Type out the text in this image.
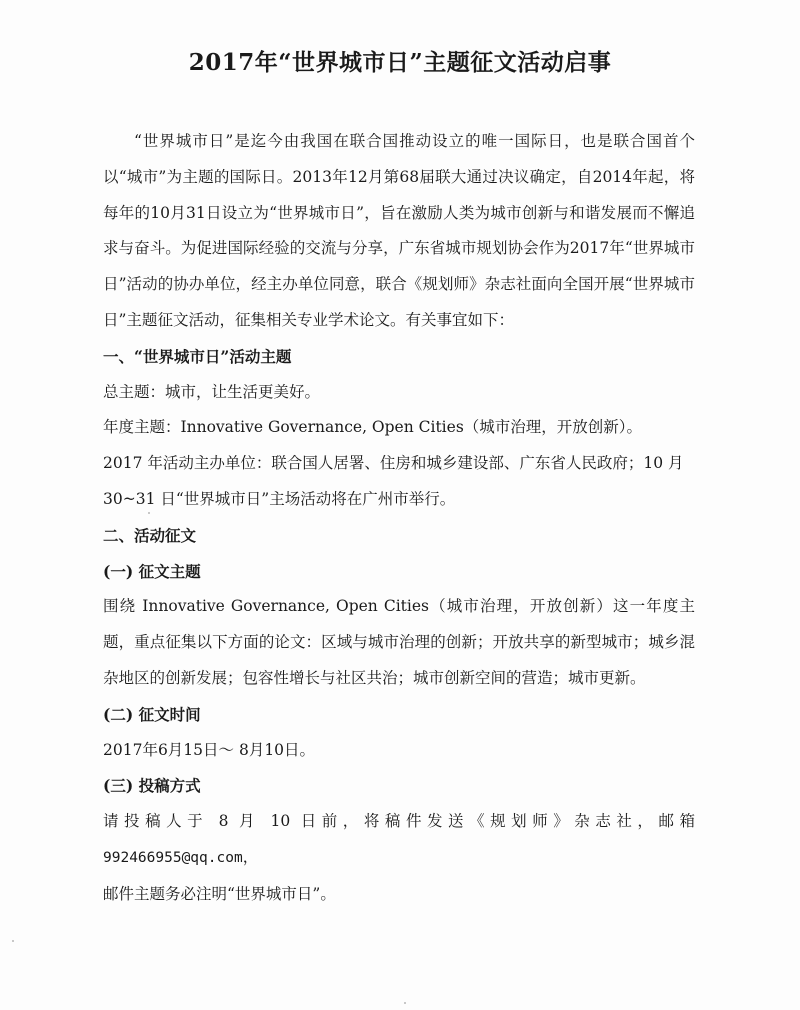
2017年“世界城市日”主题征文活动启事

“世界城市日”是迄今由我国在联合国推动设立的唯一国际日，也是联合国首个以“城市”为主题的国际日。2013年12月第68届联大通过决议确定，自2014年起，将每年的10月31日设立为“世界城市日”，旨在激励人类为城市创新与和谐发展而不懈追求与奋斗。为促进国际经验的交流与分享，广东省城市规划协会作为2017年“世界城市日”活动的协办单位，经主办单位同意，联合《规划师》杂志社面向全国开展“世界城市日”主题征文活动，征集相关专业学术论文。有关事宜如下：

一、“世界城市日”活动主题

总主题：城市，让生活更美好。

年度主题：Innovative Governance, Open Cities（城市治理，开放创新）。

2017 年活动主办单位：联合国人居署、住房和城乡建设部、广东省人民政府；10 月
30~31 日“世界城市日”主场活动将在广州市举行。

二、活动征文

(一) 征文主题

围绕 Innovative Governance, Open Cities（城市治理，开放创新）这一年度主题，重点征集以下方面的论文：区域与城市治理的创新；开放共享的新型城市；城乡混杂地区的创新发展；包容性增长与社区共治；城市创新空间的营造；城市更新。

(二) 征文时间

2017年6月15日～ 8月10日。

(三) 投稿方式

请投稿人于 8 月 10 日前，将稿件发送《规划师》杂志社，邮箱 992466955@qq.com，
邮件主题务必注明“世界城市日”。
